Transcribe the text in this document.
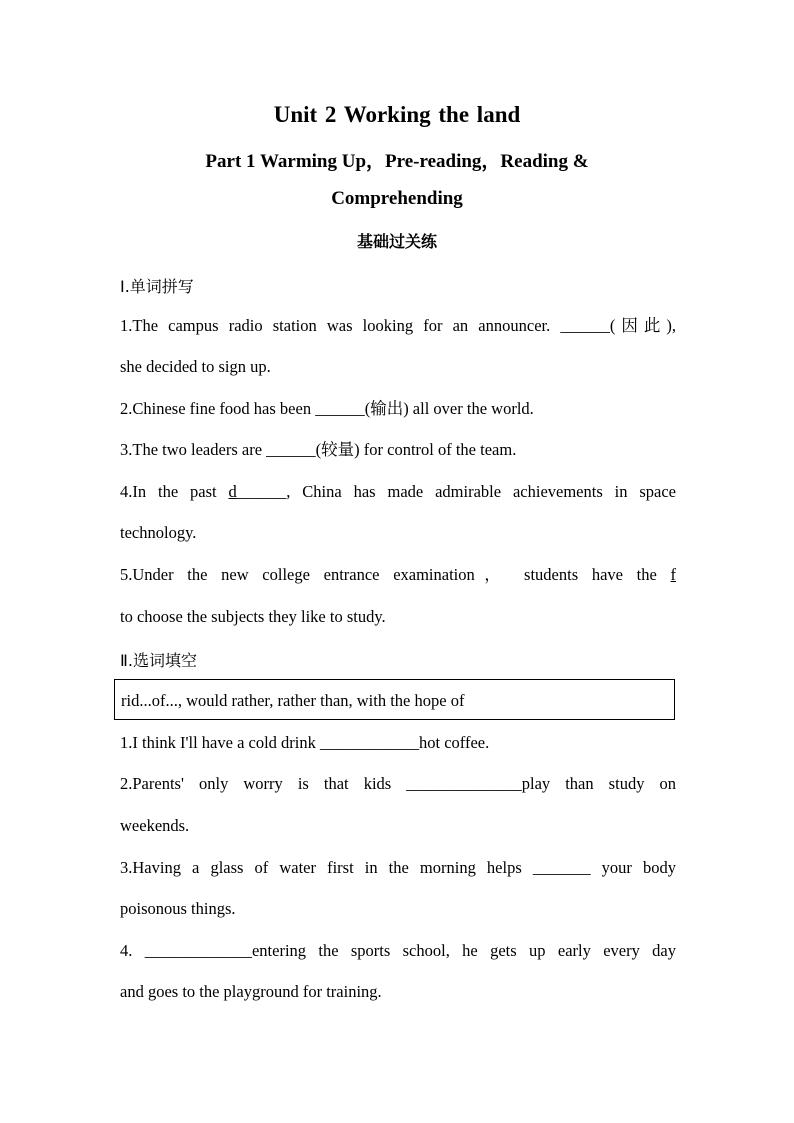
Unit 2 Working the land
Part 1 Warming Up，Pre-reading，Reading &
Comprehending
基础过关练
Ⅰ.单词拼写
1.The campus radio station was looking for an announcer. ______(因此),
she decided to sign up.
2.Chinese fine food has been ______(输出) all over the world.
3.The two leaders are ______(较量) for control of the team.
4.In the past d______, China has made admirable achievements in space
technology.
5.Under the new college entrance examination， students have the f
to choose the subjects they like to study.
Ⅱ.选词填空
rid...of..., would rather, rather than, with the hope of
1.I think I'll have a cold drink ____________hot coffee.
2.Parents' only worry is that kids ______________play than study on
weekends.
3.Having a glass of water first in the morning helps _______ your body
poisonous things.
4. _____________entering the sports school, he gets up early every day
and goes to the playground for training.
